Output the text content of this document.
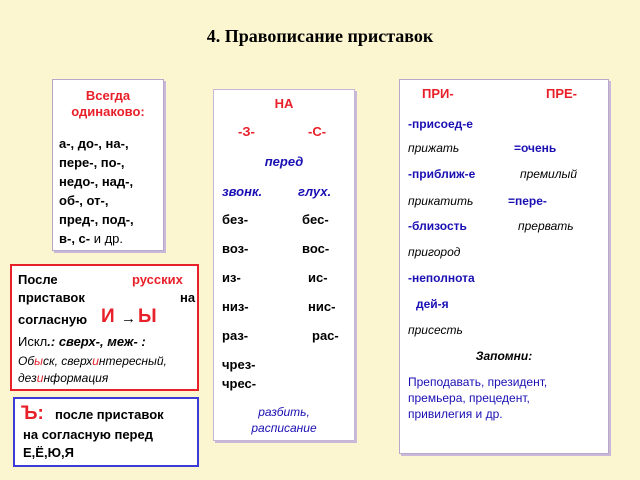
4. Правописание приставок
Всегда
одинаково:
а-, до-, на-,
пере-, по-,
недо-, над-,
об-, от-,
пред-, под-,
в-, с- и др.
НА
-З-	-С-
перед
звонк.	глух.
без-	бес-
воз-	вос-
из-	ис-
низ-	нис-
раз-	рас-
чрез-
чрес-
разбить,
расписание
ПРИ-	ПРЕ-
-присоед-е
прижать	=очень
-приближ-е	премилый
прикатить	=пере-
-близость	прервать
пригород
-неполнота
дей-я
присесть
Запомни:
Преподавать, президент,
премьера, прецедент,
привилегия и др.
После	русских
приставок	на
согласную И → Ы
Искл.: сверх-, меж- :
Обыск, сверхинтересный,
дезинформация
Ъ: после приставок
на согласную перед
Е,Ё,Ю,Я
